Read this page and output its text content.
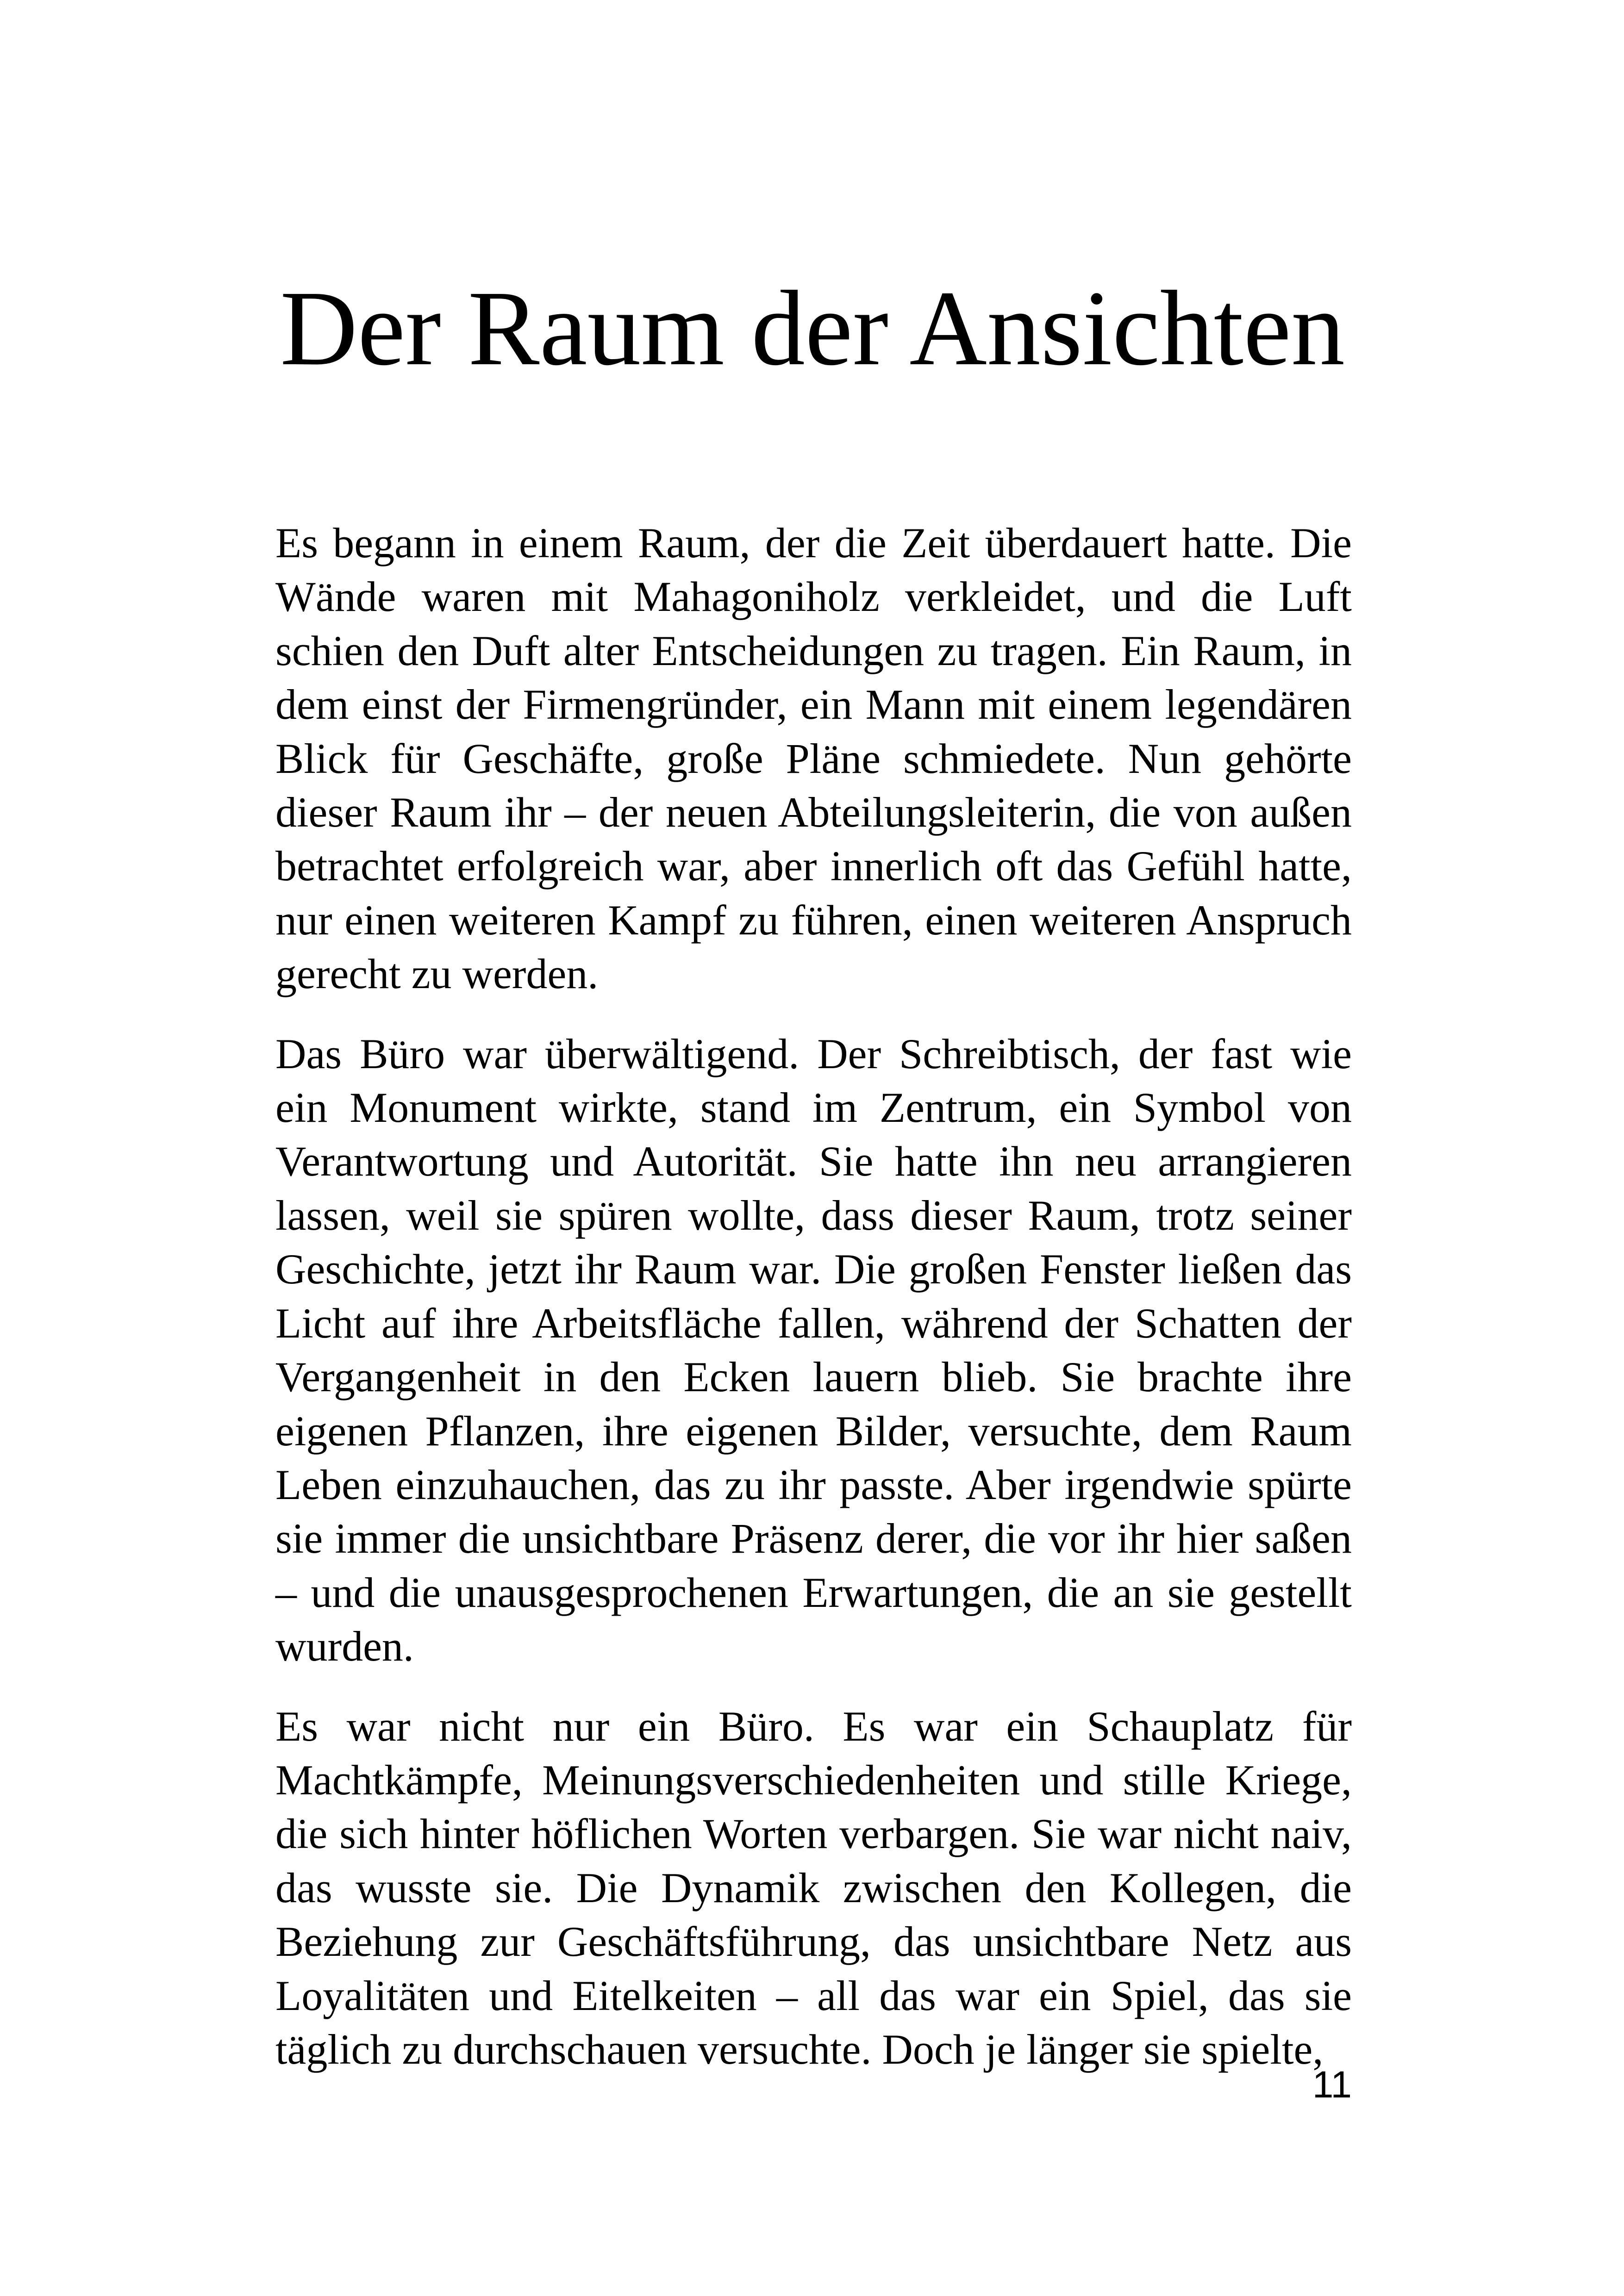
Der Raum der Ansichten

Es begann in einem Raum, der die Zeit überdauert hatte. Die Wände waren mit Mahagoniholz verkleidet, und die Luft schien den Duft alter Entscheidungen zu tragen. Ein Raum, in dem einst der Firmengründer, ein Mann mit einem legendären Blick für Geschäfte, große Pläne schmiedete. Nun gehörte dieser Raum ihr – der neuen Abteilungsleiterin, die von außen betrachtet erfolgreich war, aber innerlich oft das Gefühl hatte, nur einen weiteren Kampf zu führen, einen weiteren Anspruch gerecht zu werden.

Das Büro war überwältigend. Der Schreibtisch, der fast wie ein Monument wirkte, stand im Zentrum, ein Symbol von Verantwortung und Autorität. Sie hatte ihn neu arrangieren lassen, weil sie spüren wollte, dass dieser Raum, trotz seiner Geschichte, jetzt ihr Raum war. Die großen Fenster ließen das Licht auf ihre Arbeitsfläche fallen, während der Schatten der Vergangenheit in den Ecken lauern blieb. Sie brachte ihre eigenen Pflanzen, ihre eigenen Bilder, versuchte, dem Raum Leben einzuhauchen, das zu ihr passte. Aber irgendwie spürte sie immer die unsichtbare Präsenz derer, die vor ihr hier saßen – und die unausgesprochenen Erwartungen, die an sie gestellt wurden.

Es war nicht nur ein Büro. Es war ein Schauplatz für Machtkämpfe, Meinungsverschiedenheiten und stille Kriege, die sich hinter höflichen Worten verbargen. Sie war nicht naiv, das wusste sie. Die Dynamik zwischen den Kollegen, die Beziehung zur Geschäftsführung, das unsichtbare Netz aus Loyalitäten und Eitelkeiten – all das war ein Spiel, das sie täglich zu durchschauen versuchte. Doch je länger sie spielte,

11
